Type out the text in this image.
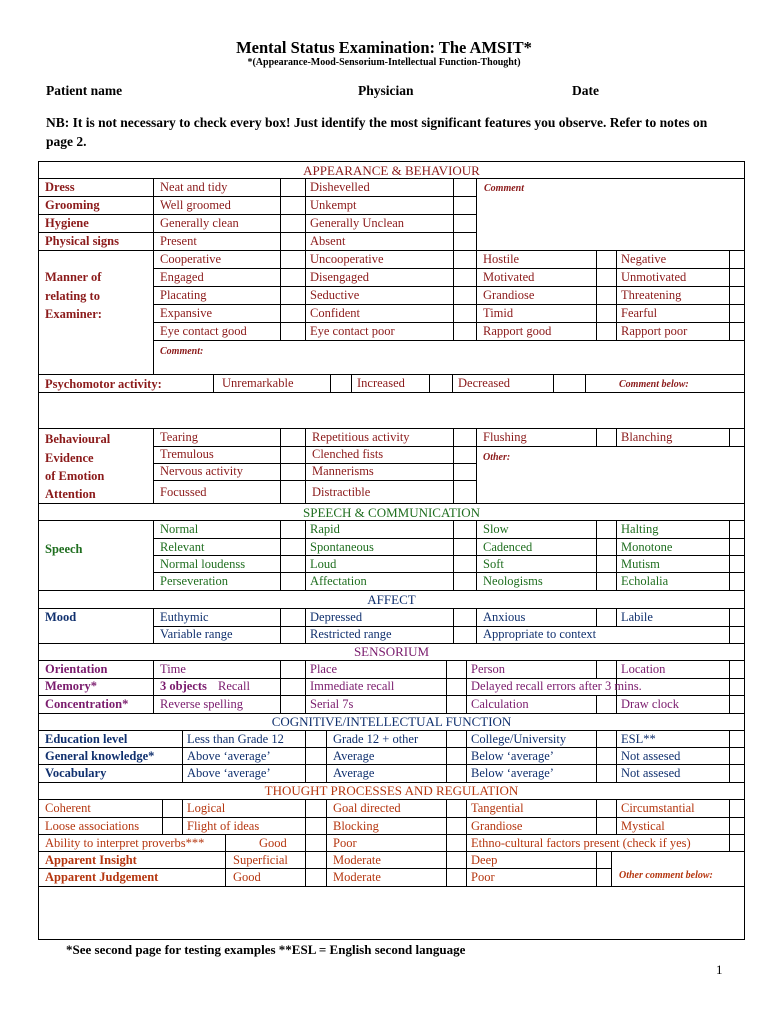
Mental Status Examination: The AMSIT*
*(Appearance-Mood-Sensorium-Intellectual Function-Thought)
Patient name	Physician	Date
NB: It is not necessary to check every box! Just identify the most significant features you observe. Refer to notes on page 2.
APPEARANCE & BEHAVIOUR
Dress	Neat and tidy	Dishevelled
Grooming	Well groomed	Unkempt
Hygiene	Generally clean	Generally Unclean
Physical signs	Present	Absent
Comment
Manner of
relating to
Examiner:
Cooperative	Uncooperative	Hostile	Negative
Engaged	Disengaged	Motivated	Unmotivated
Placating	Seductive	Grandiose	Threatening
Expansive	Confident	Timid	Fearful
Eye contact good	Eye contact poor	Rapport good	Rapport poor
Comment:
Psychomotor activity:	Unremarkable	Increased	Decreased	Comment below:
Behavioural
Evidence
of Emotion
Tearing	Repetitious activity	Flushing	Blanching
Tremulous	Clenched fists
Nervous activity	Mannerisms
Other:
Attention	Focussed	Distractible
SPEECH & COMMUNICATION
Speech
Normal	Rapid	Slow	Halting
Relevant	Spontaneous	Cadenced	Monotone
Normal loudenss	Loud	Soft	Mutism
Perseveration	Affectation	Neologisms	Echolalia
AFFECT
Mood	Euthymic	Depressed	Anxious	Labile
Variable range	Restricted range	Appropriate to context
SENSORIUM
Orientation	Time	Place	Person	Location
Memory*	3 objects Recall	Immediate recall	Delayed recall errors after 3 mins.
Concentration*	Reverse spelling	Serial 7s	Calculation	Draw clock
COGNITIVE/INTELLECTUAL FUNCTION
Education level	Less than Grade 12	Grade 12 + other	College/University	ESL**
General knowledge*	Above ‘average’	Average	Below ‘average’	Not assesed
Vocabulary	Above ‘average’	Average	Below ‘average’	Not assesed
THOUGHT PROCESSES AND REGULATION
Coherent	Logical	Goal directed	Tangential	Circumstantial
Loose associations	Flight of ideas	Blocking	Grandiose	Mystical
Ability to interpret proverbs***	Good	Poor	Ethno-cultural factors present (check if yes)
Apparent Insight	Superficial	Moderate	Deep
Apparent Judgement	Good	Moderate	Poor	Other comment below:
*See second page for testing examples **ESL = English second language
1
